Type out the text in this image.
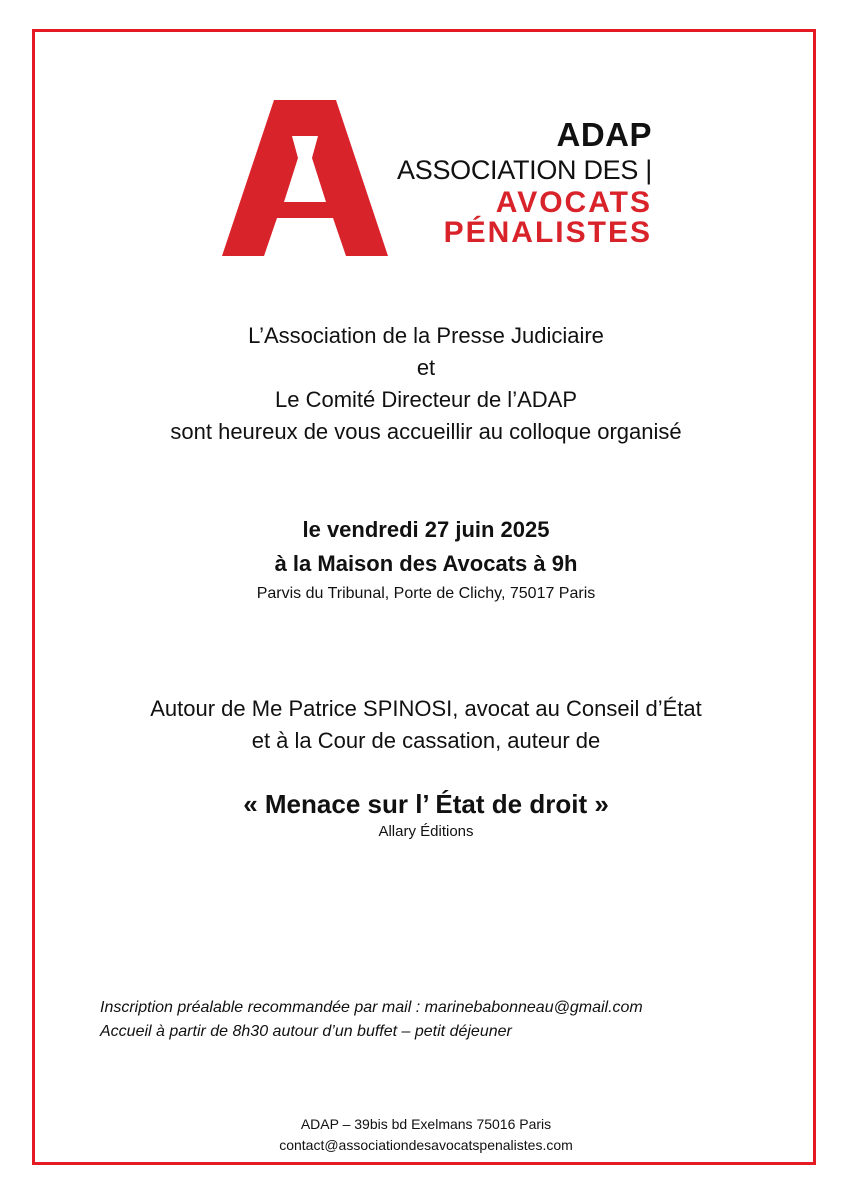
ADAP
ASSOCIATION DES |
AVOCATS
PÉNALISTES
L’Association de la Presse Judiciaire
et
Le Comité Directeur de l’ADAP
sont heureux de vous accueillir au colloque organisé
le vendredi 27 juin 2025
à la Maison des Avocats à 9h
Parvis du Tribunal, Porte de Clichy, 75017 Paris
Autour de Me Patrice SPINOSI, avocat au Conseil d’État
et à la Cour de cassation, auteur de
« Menace sur l’ État de droit »
Allary Éditions
Inscription préalable recommandée par mail : marinebabonneau@gmail.com
Accueil à partir de 8h30 autour d’un buffet – petit déjeuner
ADAP – 39bis bd Exelmans 75016 Paris
contact@associationdesavocatspenalistes.com
